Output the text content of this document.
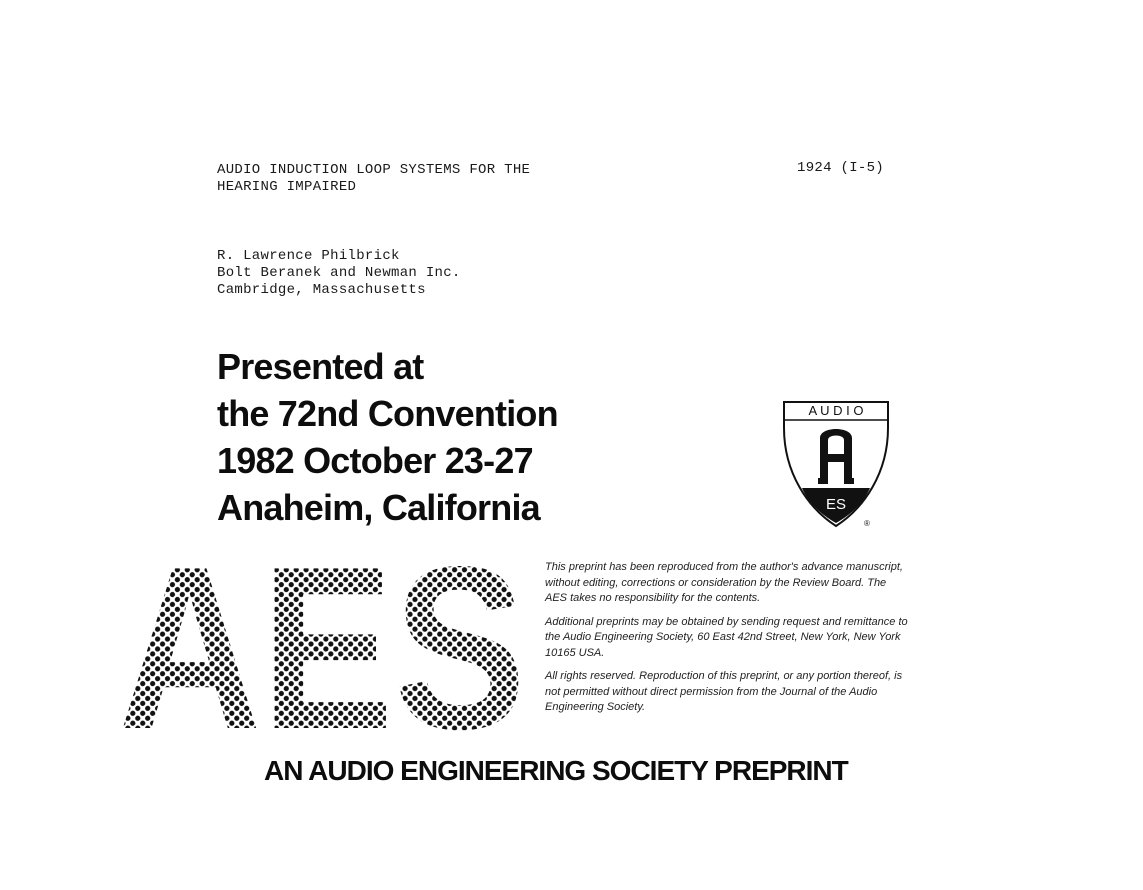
AUDIO INDUCTION LOOP SYSTEMS FOR THE
HEARING IMPAIRED
1924 (I-5)
R. Lawrence Philbrick
Bolt Beranek and Newman Inc.
Cambridge, Massachusetts
Presented at
the 72nd Convention
1982 October 23-27
Anaheim, California
A U D I O
ES
®
AES This preprint has been reproduced from the author's advance manuscript, without editing, corrections or consideration by the Review Board. The AES takes no responsibility for the contents.

Additional preprints may be obtained by sending request and remittance to the Audio Engineering Society, 60 East 42nd Street, New York, New York 10165 USA.

All rights reserved. Reproduction of this preprint, or any portion thereof, is not permitted without direct permission from the Journal of the Audio Engineering Society.

AN AUDIO ENGINEERING SOCIETY PREPRINT
